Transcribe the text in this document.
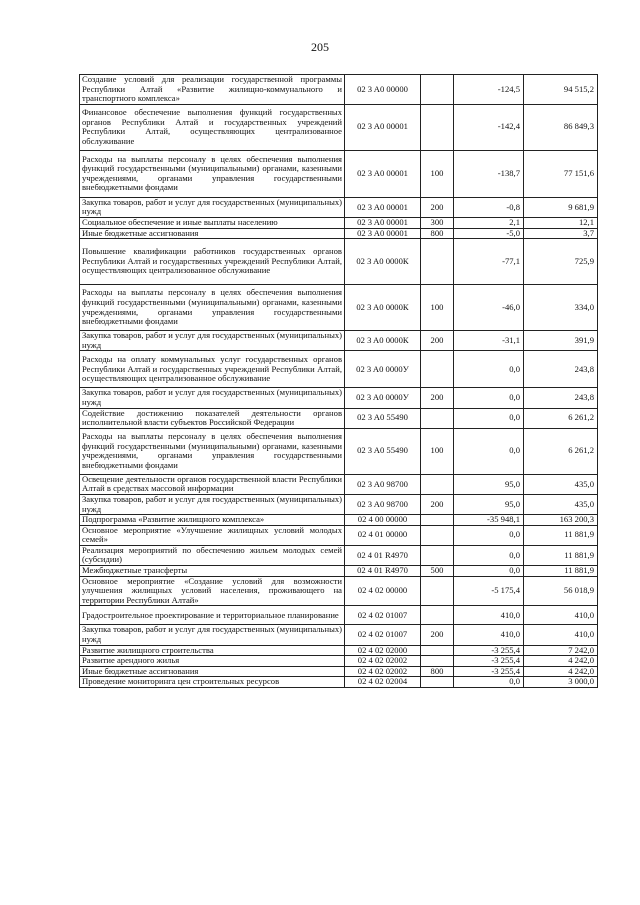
205
Создание условий для реализации государственной программы Республики Алтай «Развитие жилищно-коммунального и транспортного комплекса»	02 3 A0 00000		-124,5	94 515,2
Финансовое обеспечение выполнения функций государственных органов Республики Алтай и государственных учреждений Республики Алтай, осуществляющих централизованное обслуживание	02 3 A0 00001		-142,4	86 849,3
Расходы на выплаты персоналу в целях обеспечения выполнения функций государственными (муниципальными) органами, казенными учреждениями, органами управления государственными внебюджетными фондами	02 3 A0 00001	100	-138,7	77 151,6
Закупка товаров, работ и услуг для государственных (муниципальных) нужд	02 3 A0 00001	200	-0,8	9 681,9
Социальное обеспечение и иные выплаты населению	02 3 A0 00001	300	2,1	12,1
Иные бюджетные ассигнования	02 3 A0 00001	800	-5,0	3,7
Повышение квалификации работников государственных органов Республики Алтай и государственных учреждений Республики Алтай, осуществляющих централизованное обслуживание	02 3 A0 0000К		-77,1	725,9
Расходы на выплаты персоналу в целях обеспечения выполнения функций государственными (муниципальными) органами, казенными учреждениями, органами управления государственными внебюджетными фондами	02 3 A0 0000К	100	-46,0	334,0
Закупка товаров, работ и услуг для государственных (муниципальных) нужд	02 3 A0 0000К	200	-31,1	391,9
Расходы на оплату коммунальных услуг государственных органов Республики Алтай и государственных учреждений Республики Алтай, осуществляющих централизованное обслуживание	02 3 A0 0000У		0,0	243,8
Закупка товаров, работ и услуг для государственных (муниципальных) нужд	02 3 A0 0000У	200	0,0	243,8
Содействие достижению показателей деятельности органов исполнительной власти субъектов Российской Федерации	02 3 A0 55490		0,0	6 261,2
Расходы на выплаты персоналу в целях обеспечения выполнения функций государственными (муниципальными) органами, казенными учреждениями, органами управления государственными внебюджетными фондами	02 3 A0 55490	100	0,0	6 261,2
Освещение деятельности органов государственной власти Республики Алтай в средствах массовой информации	02 3 A0 98700		95,0	435,0
Закупка товаров, работ и услуг для государственных (муниципальных) нужд	02 3 A0 98700	200	95,0	435,0
Подпрограмма «Развитие жилищного комплекса»	02 4 00 00000		-35 948,1	163 200,3
Основное мероприятие «Улучшение жилищных условий молодых семей»	02 4 01 00000		0,0	11 881,9
Реализация мероприятий по обеспечению жильем молодых семей (субсидии)	02 4 01 R4970		0,0	11 881,9
Межбюджетные трансферты	02 4 01 R4970	500	0,0	11 881,9
Основное мероприятие «Создание условий для возможности улучшения жилищных условий населения, проживающего на территории Республики Алтай»	02 4 02 00000		-5 175,4	56 018,9
Градостроительное проектирование и территориальное планирование	02 4 02 01007		410,0	410,0
Закупка товаров, работ и услуг для государственных (муниципальных) нужд	02 4 02 01007	200	410,0	410,0
Развитие жилищного строительства	02 4 02 02000		-3 255,4	7 242,0
Развитие арендного жилья	02 4 02 02002		-3 255,4	4 242,0
Иные бюджетные ассигнования	02 4 02 02002	800	-3 255,4	4 242,0
Проведение мониторинга цен строительных ресурсов	02 4 02 02004		0,0	3 000,0
